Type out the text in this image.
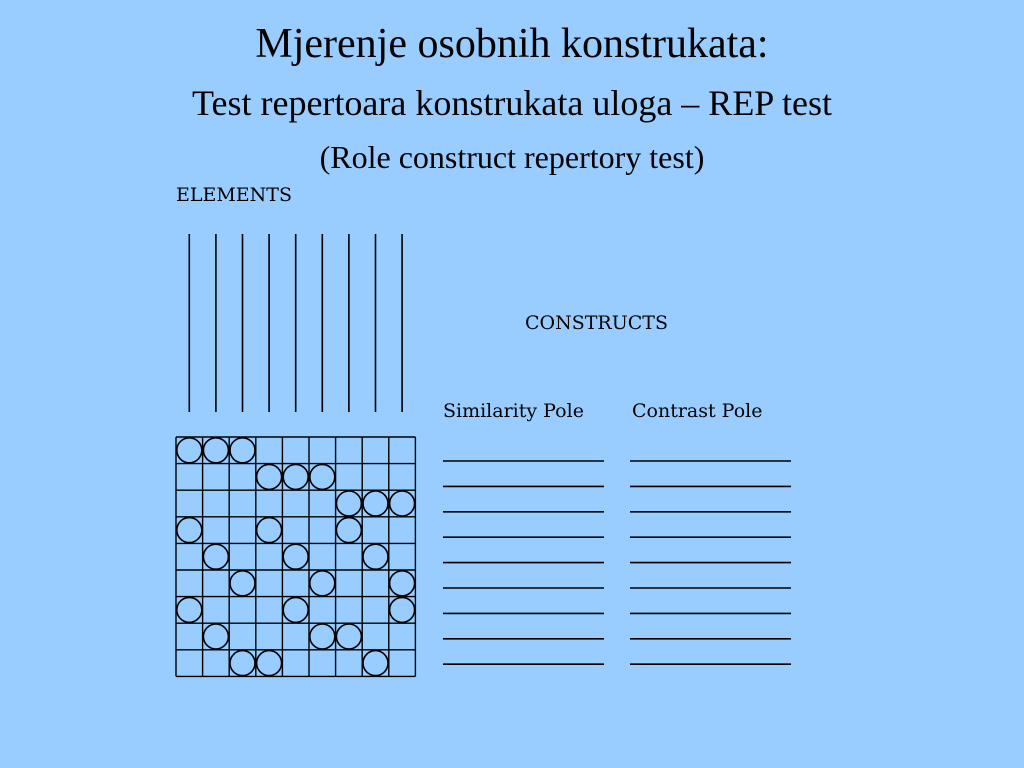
Mjerenje osobnih konstrukata:
Test repertoara konstrukata uloga – REP test
(Role construct repertory test)
ELEMENTS
CONSTRUCTS
Similarity Pole	Contrast Pole
